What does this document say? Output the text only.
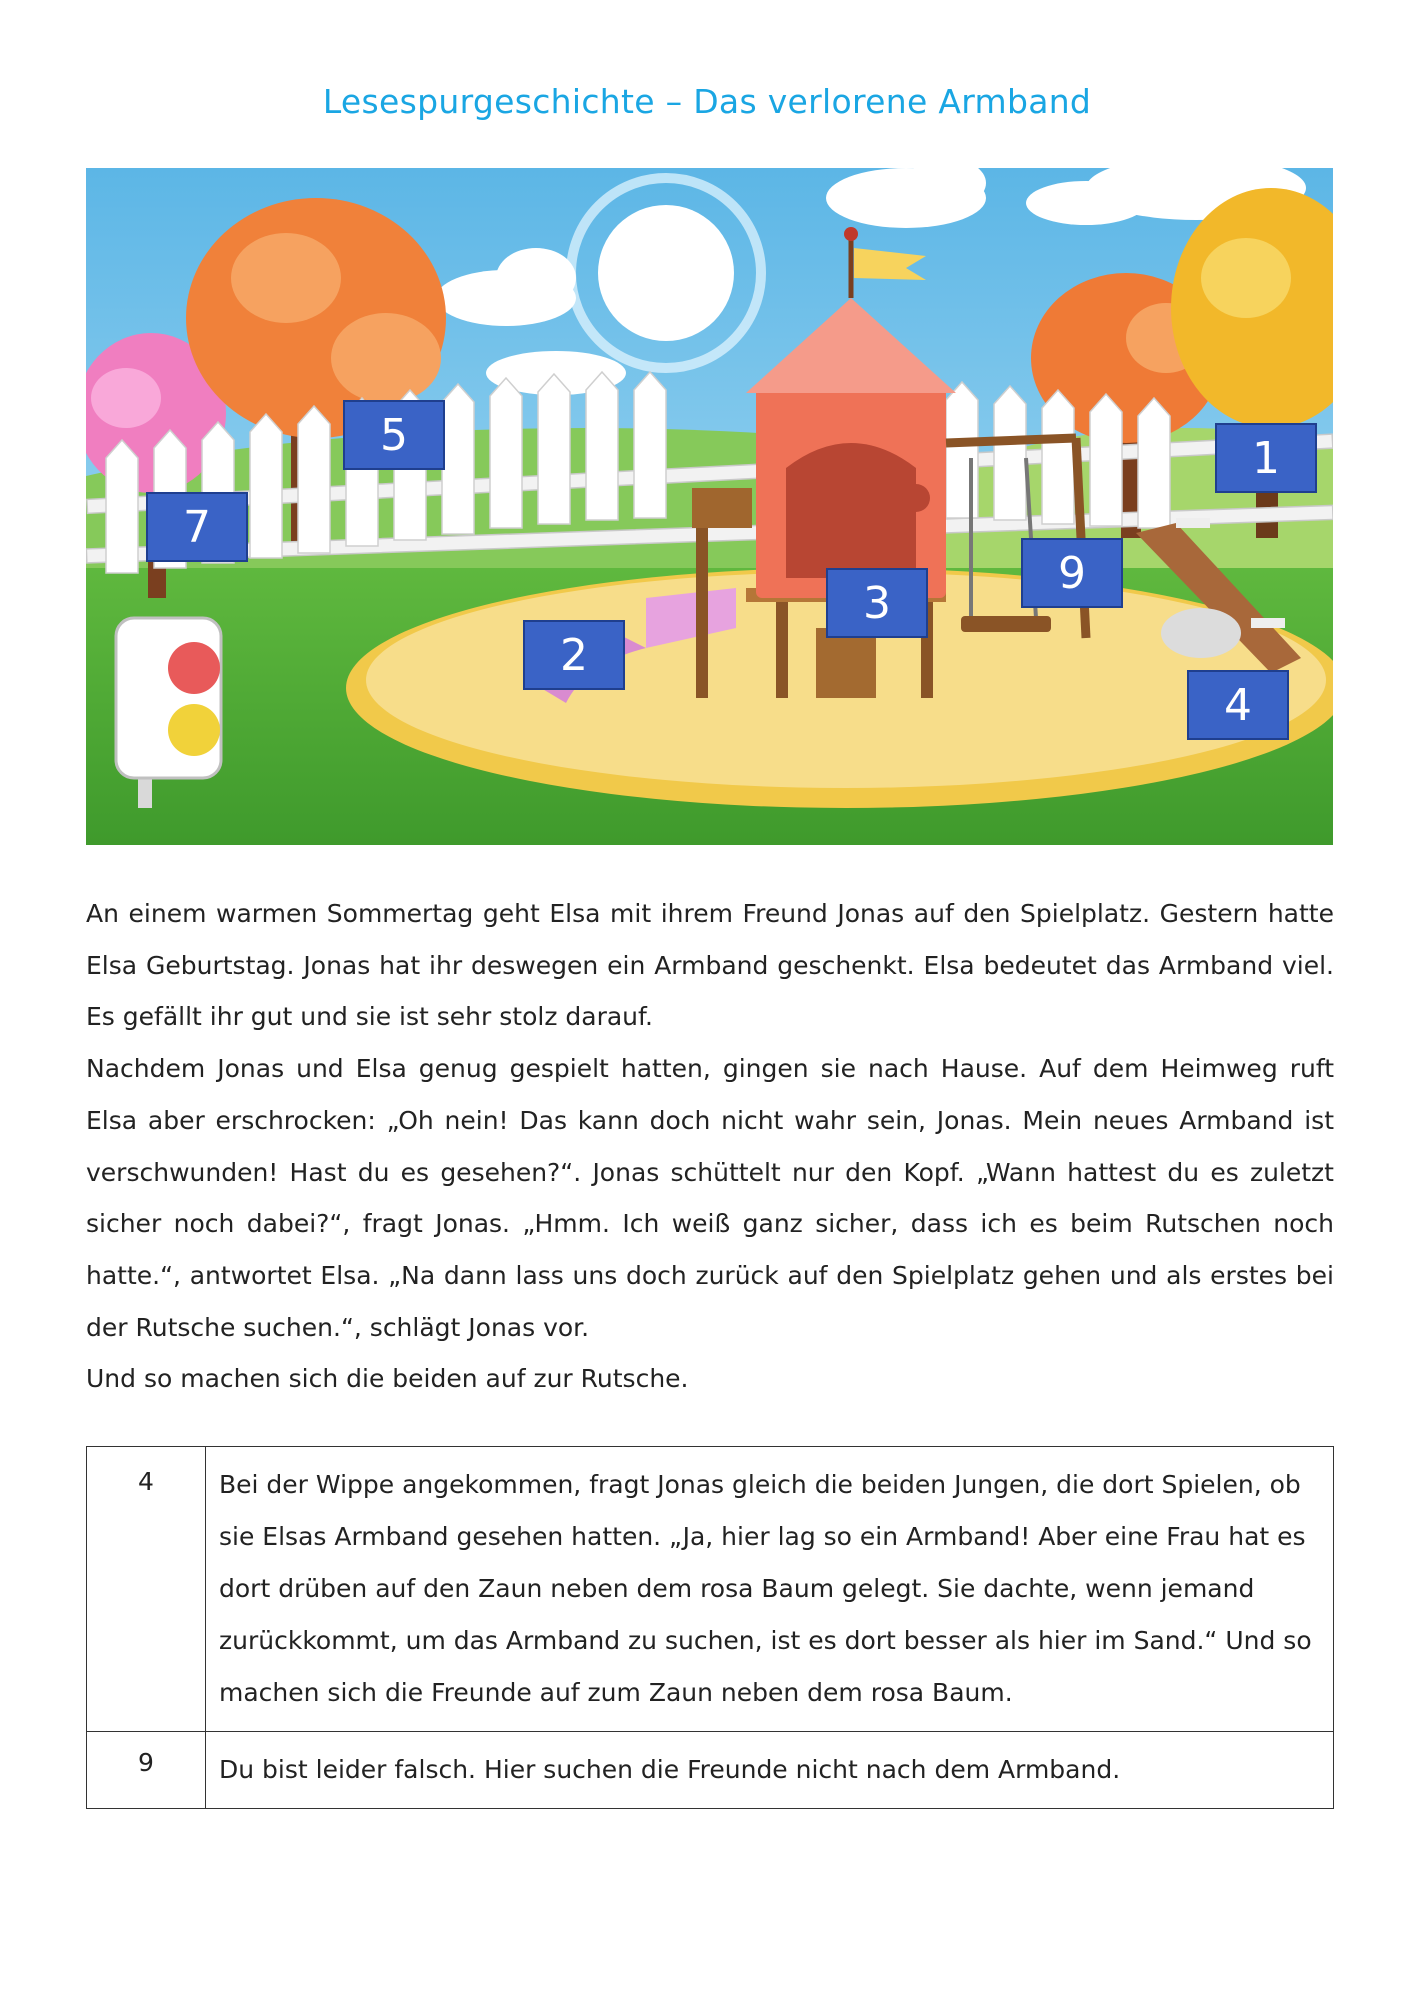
Lesespurgeschichte – Das verlorene Armband
1
2
3
4
5
7
9

An einem warmen Sommertag geht Elsa mit ihrem Freund Jonas auf den Spielplatz. Gestern hatte Elsa Geburtstag. Jonas hat ihr deswegen ein Armband geschenkt. Elsa bedeutet das Armband viel. Es gefällt ihr gut und sie ist sehr stolz darauf.

Nachdem Jonas und Elsa genug gespielt hatten, gingen sie nach Hause. Auf dem Heimweg ruft Elsa aber erschrocken: „Oh nein! Das kann doch nicht wahr sein, Jonas. Mein neues Armband ist verschwunden! Hast du es gesehen?“. Jonas schüttelt nur den Kopf. „Wann hattest du es zuletzt sicher noch dabei?“, fragt Jonas. „Hmm. Ich weiß ganz sicher, dass ich es beim Rutschen noch hatte.“, antwortet Elsa. „Na dann lass uns doch zurück auf den Spielplatz gehen und als erstes bei der Rutsche suchen.“, schlägt Jonas vor.

Und so machen sich die beiden auf zur Rutsche.

4	Bei der Wippe angekommen, fragt Jonas gleich die beiden Jungen, die dort Spielen, ob sie Elsas Armband gesehen hatten. „Ja, hier lag so ein Armband! Aber eine Frau hat es dort drüben auf den Zaun neben dem rosa Baum gelegt. Sie dachte, wenn jemand zurückkommt, um das Armband zu suchen, ist es dort besser als hier im Sand.“ Und so machen sich die Freunde auf zum Zaun neben dem rosa Baum.
9	Du bist leider falsch. Hier suchen die Freunde nicht nach dem Armband.
